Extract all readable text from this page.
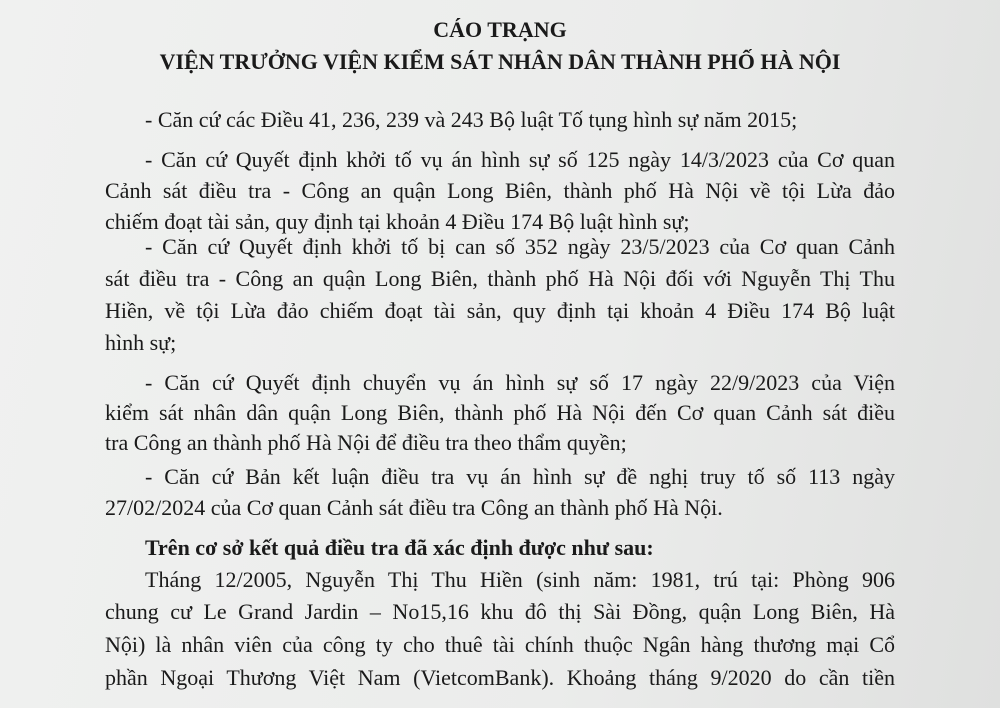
CÁO TRẠNG
VIỆN TRƯỞNG VIỆN KIỂM SÁT NHÂN DÂN THÀNH PHỐ HÀ NỘI
- Căn cứ các Điều 41, 236, 239 và 243 Bộ luật Tố tụng hình sự năm 2015;
- Căn cứ Quyết định khởi tố vụ án hình sự số 125 ngày 14/3/2023 của Cơ quan
Cảnh sát điều tra - Công an quận Long Biên, thành phố Hà Nội về tội Lừa đảo
chiếm đoạt tài sản, quy định tại khoản 4 Điều 174 Bộ luật hình sự;
- Căn cứ Quyết định khởi tố bị can số 352 ngày 23/5/2023 của Cơ quan Cảnh
sát điều tra - Công an quận Long Biên, thành phố Hà Nội đối với Nguyễn Thị Thu
Hiền, về tội Lừa đảo chiếm đoạt tài sản, quy định tại khoản 4 Điều 174 Bộ luật
hình sự;
- Căn cứ Quyết định chuyển vụ án hình sự số 17 ngày 22/9/2023 của Viện
kiểm sát nhân dân quận Long Biên, thành phố Hà Nội đến Cơ quan Cảnh sát điều
tra Công an thành phố Hà Nội để điều tra theo thẩm quyền;
- Căn cứ Bản kết luận điều tra vụ án hình sự đề nghị truy tố số 113 ngày
27/02/2024 của Cơ quan Cảnh sát điều tra Công an thành phố Hà Nội.
Trên cơ sở kết quả điều tra đã xác định được như sau:
Tháng 12/2005, Nguyễn Thị Thu Hiền (sinh năm: 1981, trú tại: Phòng 906
chung cư Le Grand Jardin – No15,16 khu đô thị Sài Đồng, quận Long Biên, Hà
Nội) là nhân viên của công ty cho thuê tài chính thuộc Ngân hàng thương mại Cổ
phần Ngoại Thương Việt Nam (VietcomBank). Khoảng tháng 9/2020 do cần tiền
